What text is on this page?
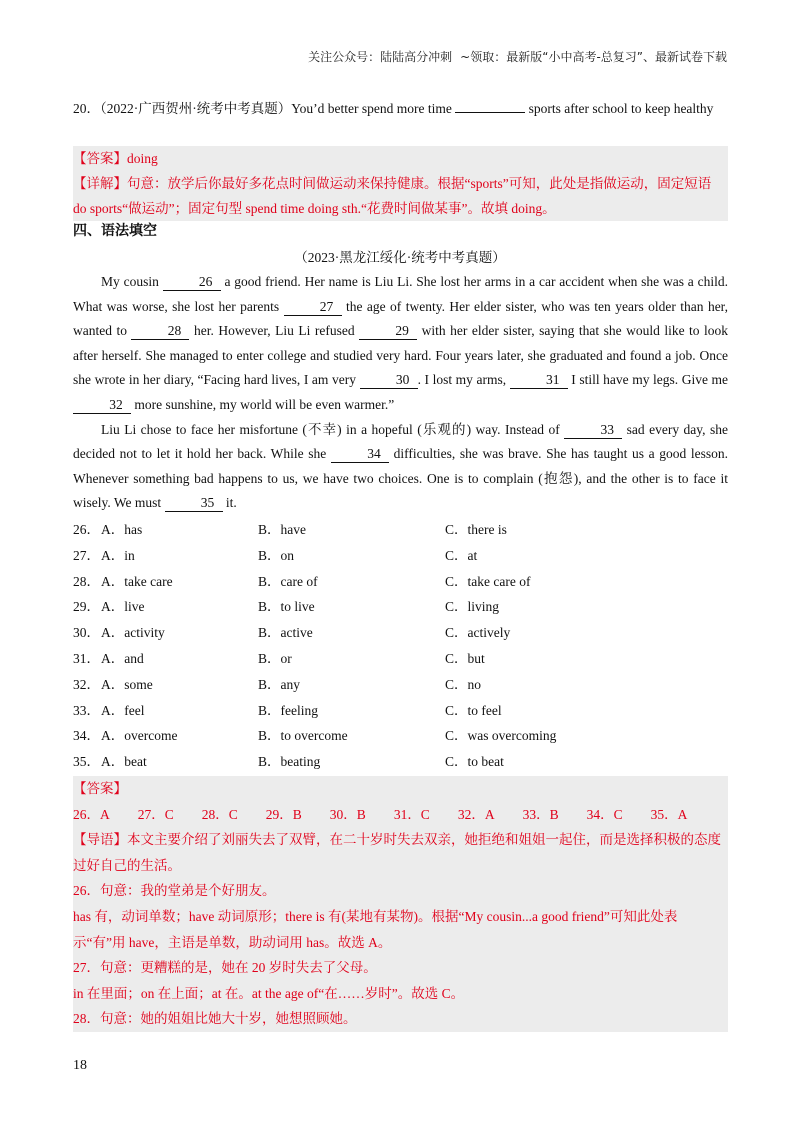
关注公众号：陆陆高分冲刺 ~领取：最新版“小中高考-总复习”、最新试卷下载
20．（2022·广西贺州·统考中考真题）You’d better spend more time	sports after school to keep healthy
【答案】doing
【详解】句意：放学后你最好多花点时间做运动来保持健康。根据“sports”可知，此处是指做运动，固定短语 do sports“做运动”；固定句型 spend time doing sth.“花费时间做某事”。故填 doing。
四、语法填空
（2023·黑龙江绥化·统考中考真题）

My cousin	26 a good friend. Her name is Liu Li. She lost her arms in a car accident when she was a child. What was worse, she lost her parents	27 the age of twenty. Her elder sister, who was ten years older than her, wanted to	28 her. However, Liu Li refused	29 with her elder sister, saying that she would like to look after herself. She managed to enter college and studied very hard. Four years later, she graduated and found a job. Once she wrote in her diary, “Facing hard lives, I am very	30 . I lost my arms,	31 I still have my legs. Give me 32 more sunshine, my world will be even warmer.”

Liu Li chose to face her misfortune (不幸) in a hopeful (乐观的) way. Instead of	33 sad every day, she decided not to let it hold her back. While she	34 difficulties, she was brave. She has taught us a good lesson. Whenever something bad happens to us, we have two choices. One is to complain (抱怨), and the other is to face it wisely. We must	35 it.

26． A．has	B．have	C．there is
27． A．in	B．on	C．at
28． A．take care	B．care of	C．take care of
29． A．live	B．to live	C．living
30． A．activity	B．active	C．actively
31． A．and	B．or	C．but
32． A．some	B．any	C．no
33． A．feel	B．feeling	C．to feel
34． A．overcome	B．to overcome	C．was overcoming
35． A．beat	B．beating	C．to beat
【答案】
26．A 27．C 28．C 29．B 30．B 31．C 32．A 33．B 34．C 35．A
【导语】本文主要介绍了刘丽失去了双臂，在二十岁时失去双亲，她拒绝和姐姐一起住，而是选择积极的态度过好自己的生活。
26．句意：我的堂弟是个好朋友。
has 有，动词单数；have 动词原形；there is 有(某地有某物)。根据“My cousin...a good friend”可知此处表示“有”用 have，主语是单数，助动词用 has。故选 A。
27．句意：更糟糕的是，她在 20 岁时失去了父母。
in 在里面；on 在上面；at 在。at the age of“在……岁时”。故选 C。
28．句意：她的姐姐比她大十岁，她想照顾她。
18
